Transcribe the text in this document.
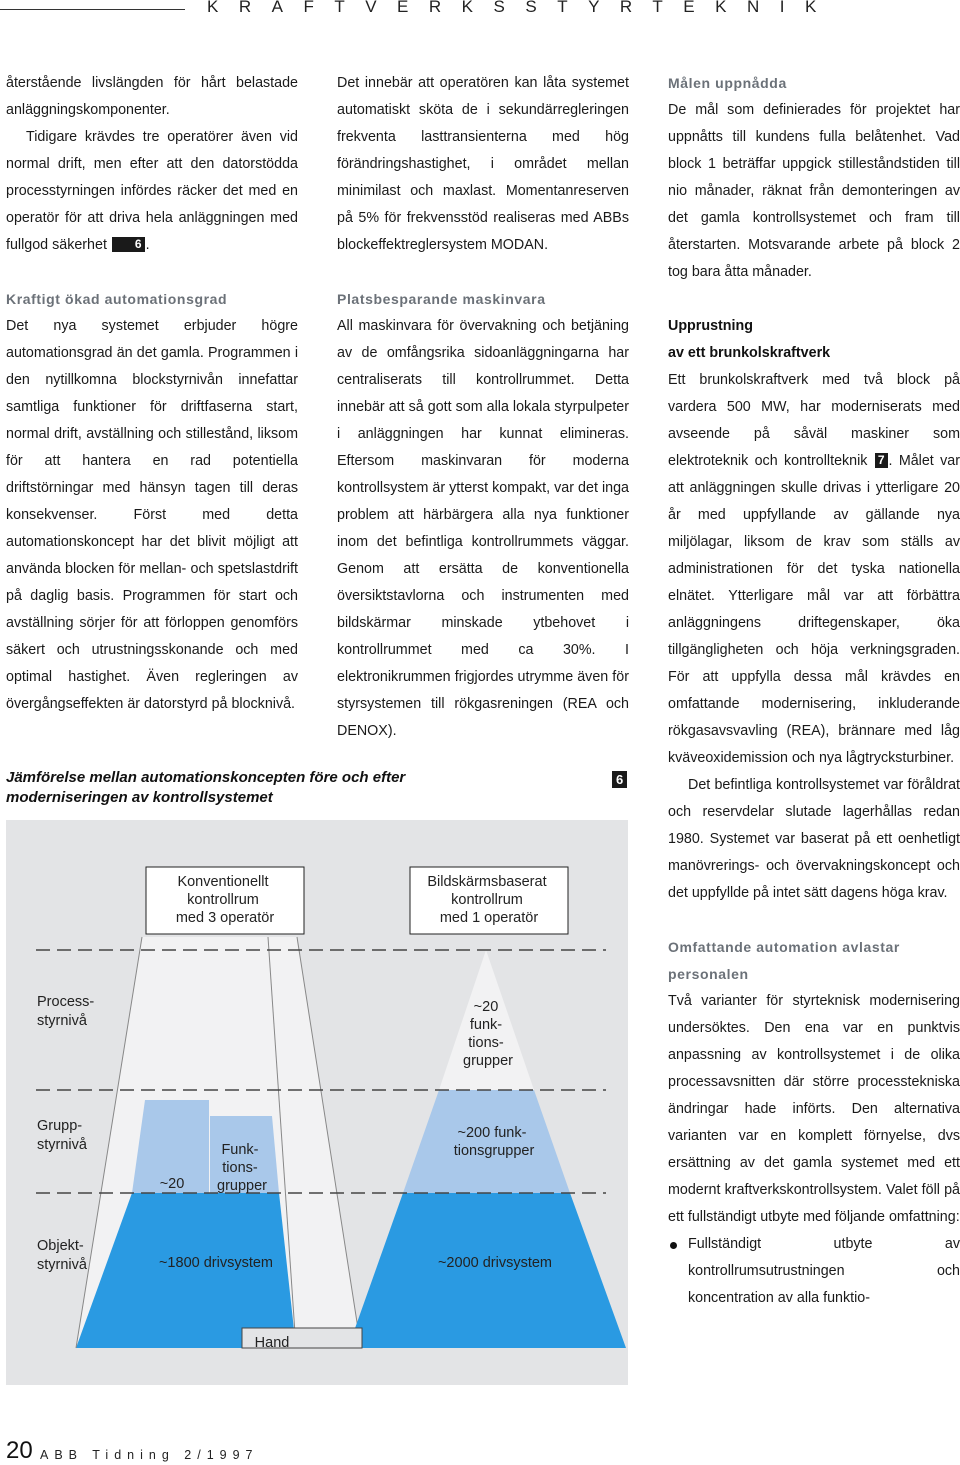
KRAFTVERKSSTYRTEKNIK

återstående livslängden för hårt belastade anläggningskomponenter.

Tidigare krävdes tre operatörer även vid normal drift, men efter att den datorstödda processtyrningen infördes räcker det med en operatör för att driva hela anläggningen med fullgod säkerhet 6 .

Kraftigt ökad automationsgrad

Det nya systemet erbjuder högre automationsgrad än det gamla. Programmen i den nytillkomna blockstyrnivån innefattar samtliga funktioner för driftfaserna start, normal drift, avställning och stillestånd, liksom för att hantera en rad potentiella driftstörningar med hänsyn tagen till deras konsekvenser. Först med detta automationskoncept har det blivit möjligt att använda blocken för mellan- och spetslastdrift på daglig basis. Programmen för start och avställning sörjer för att förloppen genomförs säkert och utrustningsskonande och med optimal hastighet. Även regleringen av övergångseffekten är datorstyrd på blocknivå.

Det innebär att operatören kan låta systemet automatiskt sköta de i sekundärregleringen frekventa lasttransienterna med hög förändringshastighet, i området mellan minimilast och maxlast. Momentanreserven på 5% för frekvensstöd realiseras med ABBs blockeffektreglersystem MODAN.

Platsbesparande maskinvara

All maskinvara för övervakning och betjäning av de omfångsrika sidoanläggningarna har centraliserats till kontrollrummet. Detta innebär att så gott som alla lokala styrpulpeter i anläggningen har kunnat elimineras. Eftersom maskinvaran för moderna kontrollsystem är ytterst kompakt, var det inga problem att härbärgera alla nya funktioner inom det befintliga kontrollrummets väggar. Genom att ersätta de konventionella översiktstavlorna och instrumenten med bildskärmar minskade ytbehovet i kontrollrummet med ca 30%. I elektronikrummen frigjordes utrymme även för styrsystemen till rökgasreningen (REA och DENOX).

Målen uppnådda

De mål som definierades för projektet har uppnåtts till kundens fulla belåtenhet. Vad block 1 beträffar uppgick stilleståndstiden till nio månader, räknat från demonteringen av det gamla kontrollsystemet och fram till återstarten. Motsvarande arbete på block 2 tog bara åtta månader.

Upprustning
av ett brunkolskraftverk

Ett brunkolskraftverk med två block på vardera 500 MW, har moderniserats med avseende på såväl maskiner som elektroteknik och kontrollteknik 7 . Målet var att anläggningen skulle drivas i ytterligare 20 år med uppfyllande av gällande nya miljölagar, liksom de krav som ställs av administrationen för det tyska nationella elnätet. Ytterligare mål var att förbättra anläggningens driftegenskaper, öka tillgängligheten och höja verkningsgraden. För att uppfylla dessa mål krävdes en omfattande modernisering, inkluderande rökgasavsvavling (REA), brännare med låg kväveoxidemission och nya lågtrycksturbiner.

Det befintliga kontrollsystemet var föråldrat och reservdelar slutade lagerhållas redan 1980. Systemet var baserat på ett oenhetligt manövrerings- och övervakningskoncept och det uppfyllde på intet sätt dagens höga krav.

Omfattande automation avlastar personalen

Två varianter för styrteknisk modernisering undersöktes. Den ena var en punktvis anpassning av kontrollsystemet i de olika processavsnitten där större processtekniska ändringar hade införts. Den alternativa varianten var en komplett förnyelse, dvs ersättning av det gamla systemet med ett modernt kraftverkskontrollsystem. Valet föll på ett fullständigt utbyte med följande omfattning:

Fullständigt utbyte av kontrollrumsutrustningen och koncentration av alla funktio-
Jämförelse mellan automationskoncepten före och efter moderniseringen av kontrollsystemet
6
Konventionellt kontrollrum med 3 operatör
Bildskärmsbaserat kontrollrum med 1 operatör
Process- styrnivå
Grupp- styrnivå
Objekt- styrnivå
~20
Funk- tions- grupper
~1800 drivsystem
Hand
~20 funk- tions- grupper
~200 funk- tionsgrupper
~2000 drivsystem
20 ABB Tidning 2/1997
